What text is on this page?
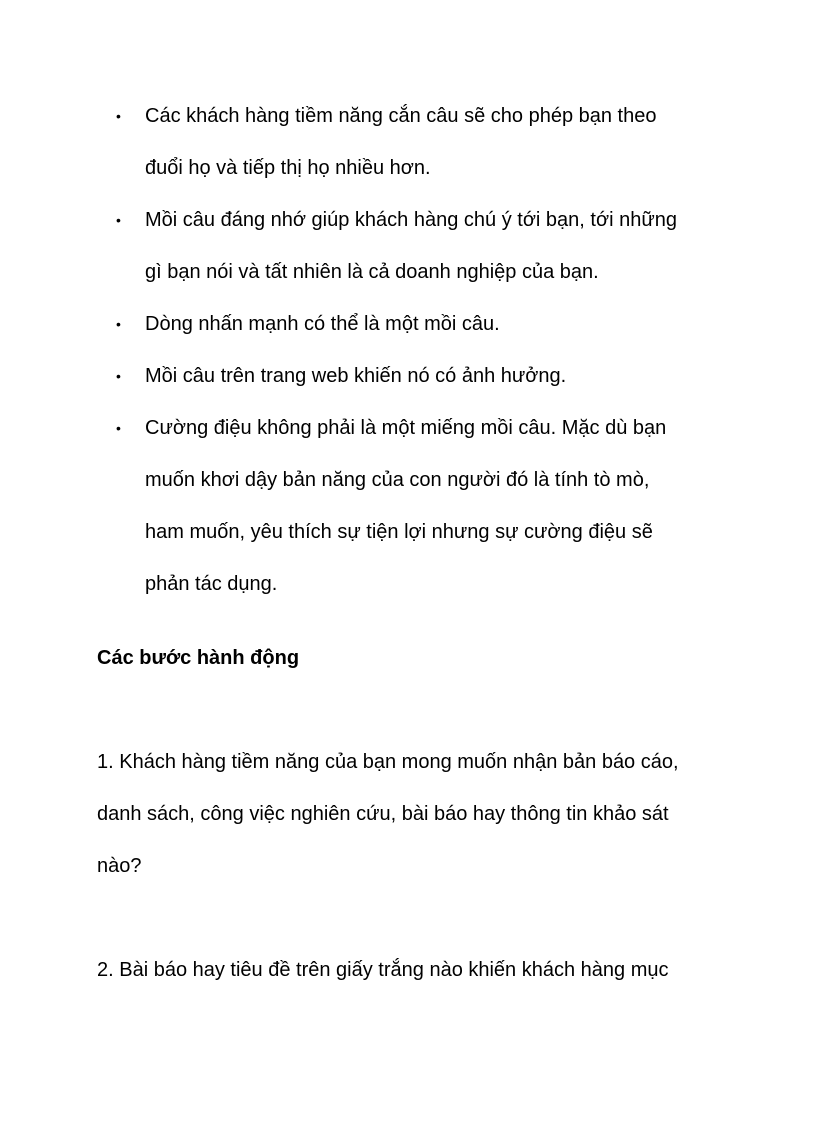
• Các khách hàng tiềm năng cắn câu sẽ cho phép bạn theo
đuổi họ và tiếp thị họ nhiều hơn.
• Mồi câu đáng nhớ giúp khách hàng chú ý tới bạn, tới những
gì bạn nói và tất nhiên là cả doanh nghiệp của bạn.
• Dòng nhấn mạnh có thể là một mồi câu.
• Mồi câu trên trang web khiến nó có ảnh hưởng.
• Cường điệu không phải là một miếng mồi câu. Mặc dù bạn
muốn khơi dậy bản năng của con người đó là tính tò mò,
ham muốn, yêu thích sự tiện lợi nhưng sự cường điệu sẽ
phản tác dụng.
Các bước hành động
1. Khách hàng tiềm năng của bạn mong muốn nhận bản báo cáo,
danh sách, công việc nghiên cứu, bài báo hay thông tin khảo sát
nào?
2. Bài báo hay tiêu đề trên giấy trắng nào khiến khách hàng mục
